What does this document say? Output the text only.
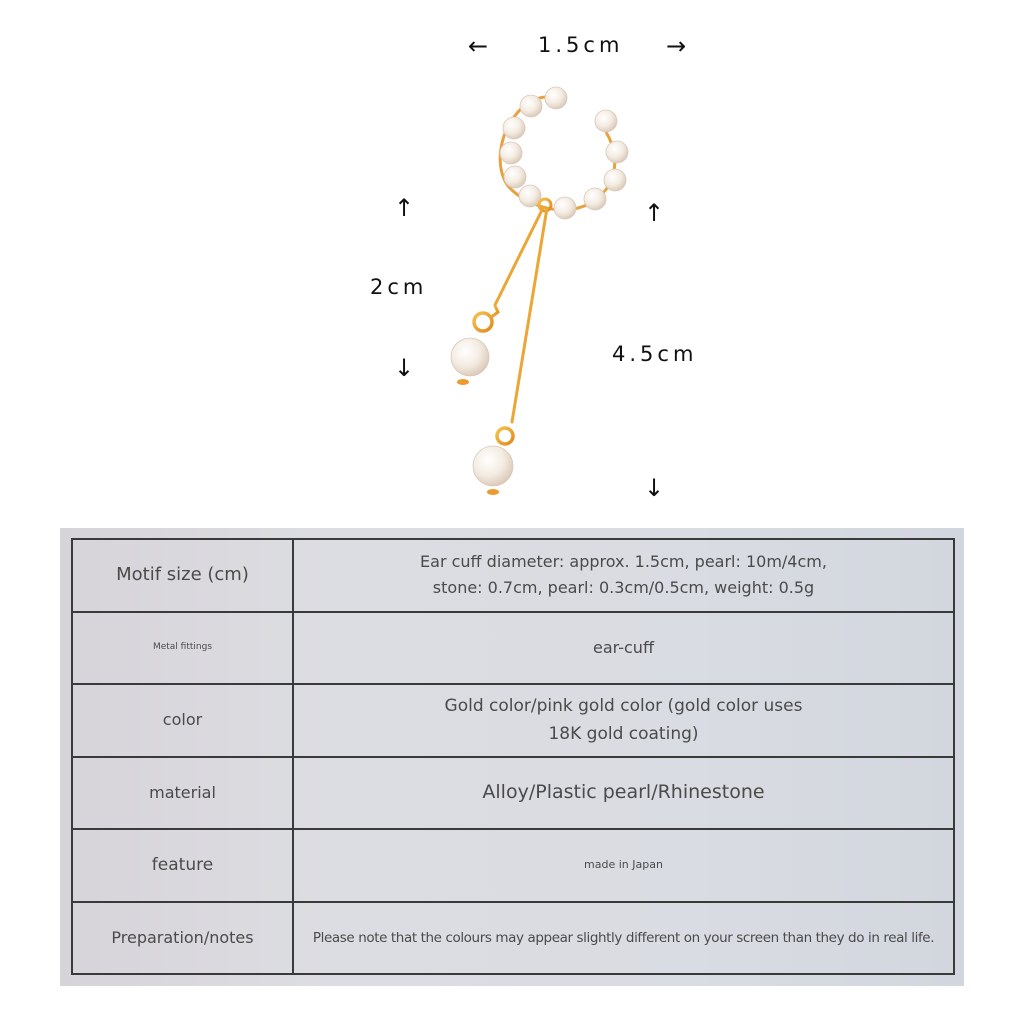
← 1.5cm →
↑
2cm
↓
↑
4.5cm
↓
Motif size (cm)	Ear cuff diameter: approx. 1.5cm, pearl: 10m/4cm,
stone: 0.7cm, pearl: 0.3cm/0.5cm, weight: 0.5g

Metal fittings	ear-cuff

color	Gold color/pink gold color (gold color uses
18K gold coating)

material	Alloy/Plastic pearl/Rhinestone

feature	made in Japan

Preparation/notes	Please note that the colours may appear slightly different on your screen than they do in real life.
